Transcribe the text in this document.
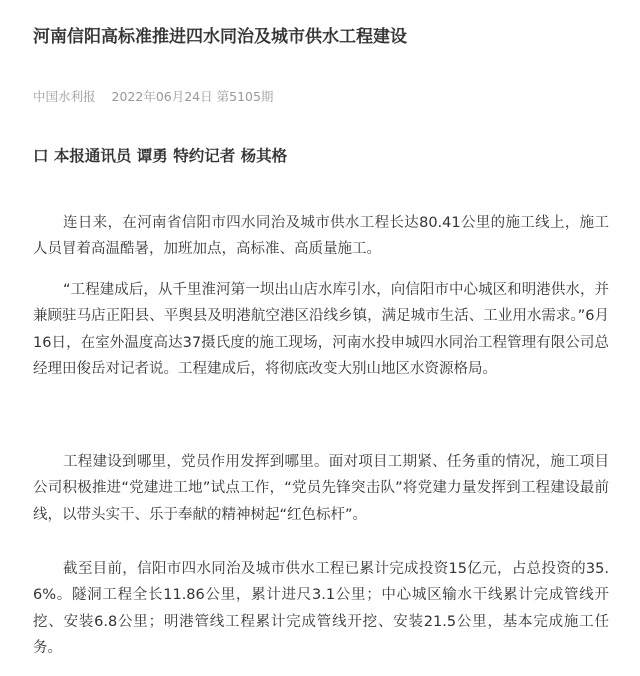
河南信阳高标准推进四水同治及城市供水工程建设
中国水利报 2022年06月24日 第5105期
口 本报通讯员 谭勇 特约记者 杨其格

连日来，在河南省信阳市四水同治及城市供水工程长达80.41公里的施工线上，施工人员冒着高温酷暑，加班加点，高标准、高质量施工。

“工程建成后，从千里淮河第一坝出山店水库引水，向信阳市中心城区和明港供水，并兼顾驻马店正阳县、平舆县及明港航空港区沿线乡镇，满足城市生活、工业用水需求。”6月16日，在室外温度高达37摄氏度的施工现场，河南水投申城四水同治工程管理有限公司总经理田俊岳对记者说。工程建成后，将彻底改变大别山地区水资源格局。

工程建设到哪里，党员作用发挥到哪里。面对项目工期紧、任务重的情况，施工项目公司积极推进“党建进工地”试点工作，“党员先锋突击队”将党建力量发挥到工程建设最前线，以带头实干、乐于奉献的精神树起“红色标杆”。

截至目前，信阳市四水同治及城市供水工程已累计完成投资15亿元，占总投资的35.6%。隧洞工程全长11.86公里，累计进尺3.1公里；中心城区输水干线累计完成管线开挖、安装6.8公里；明港管线工程累计完成管线开挖、安装21.5公里，基本完成施工任务。
